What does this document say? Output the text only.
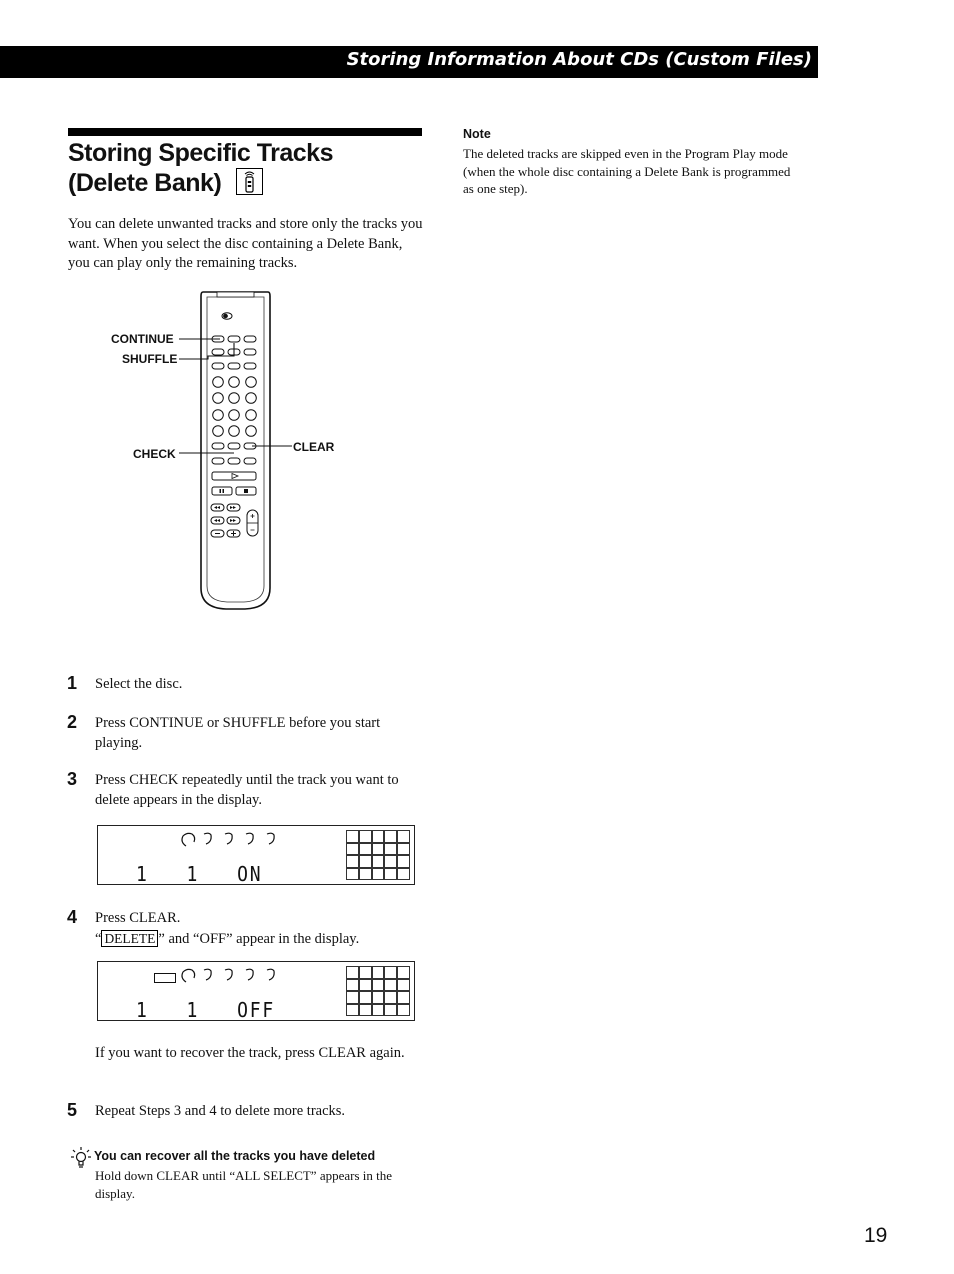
Storing Information About CDs (Custom Files)
Storing Specific Tracks
(Delete Bank)
You can delete unwanted tracks and store only the tracks you want. When you select the disc containing a Delete Bank, you can play only the remaining tracks.
CONTINUE
SHUFFLE
CHECK	CLEAR
1 Select the disc.
2 Press CONTINUE or SHUFFLE before you start playing.
3 Press CHECK repeatedly until the track you want to delete appears in the display.
1   1   ON
4 Press CLEAR.
“ DELETE ” and “OFF” appear in the display.
1   1   OFF
If you want to recover the track, press CLEAR again.
5 Repeat Steps 3 and 4 to delete more tracks.
You can recover all the tracks you have deleted
Hold down CLEAR until “ALL SELECT” appears in the display.
Note
The deleted tracks are skipped even in the Program Play mode (when the whole disc containing a Delete Bank is programmed as one step).
19
